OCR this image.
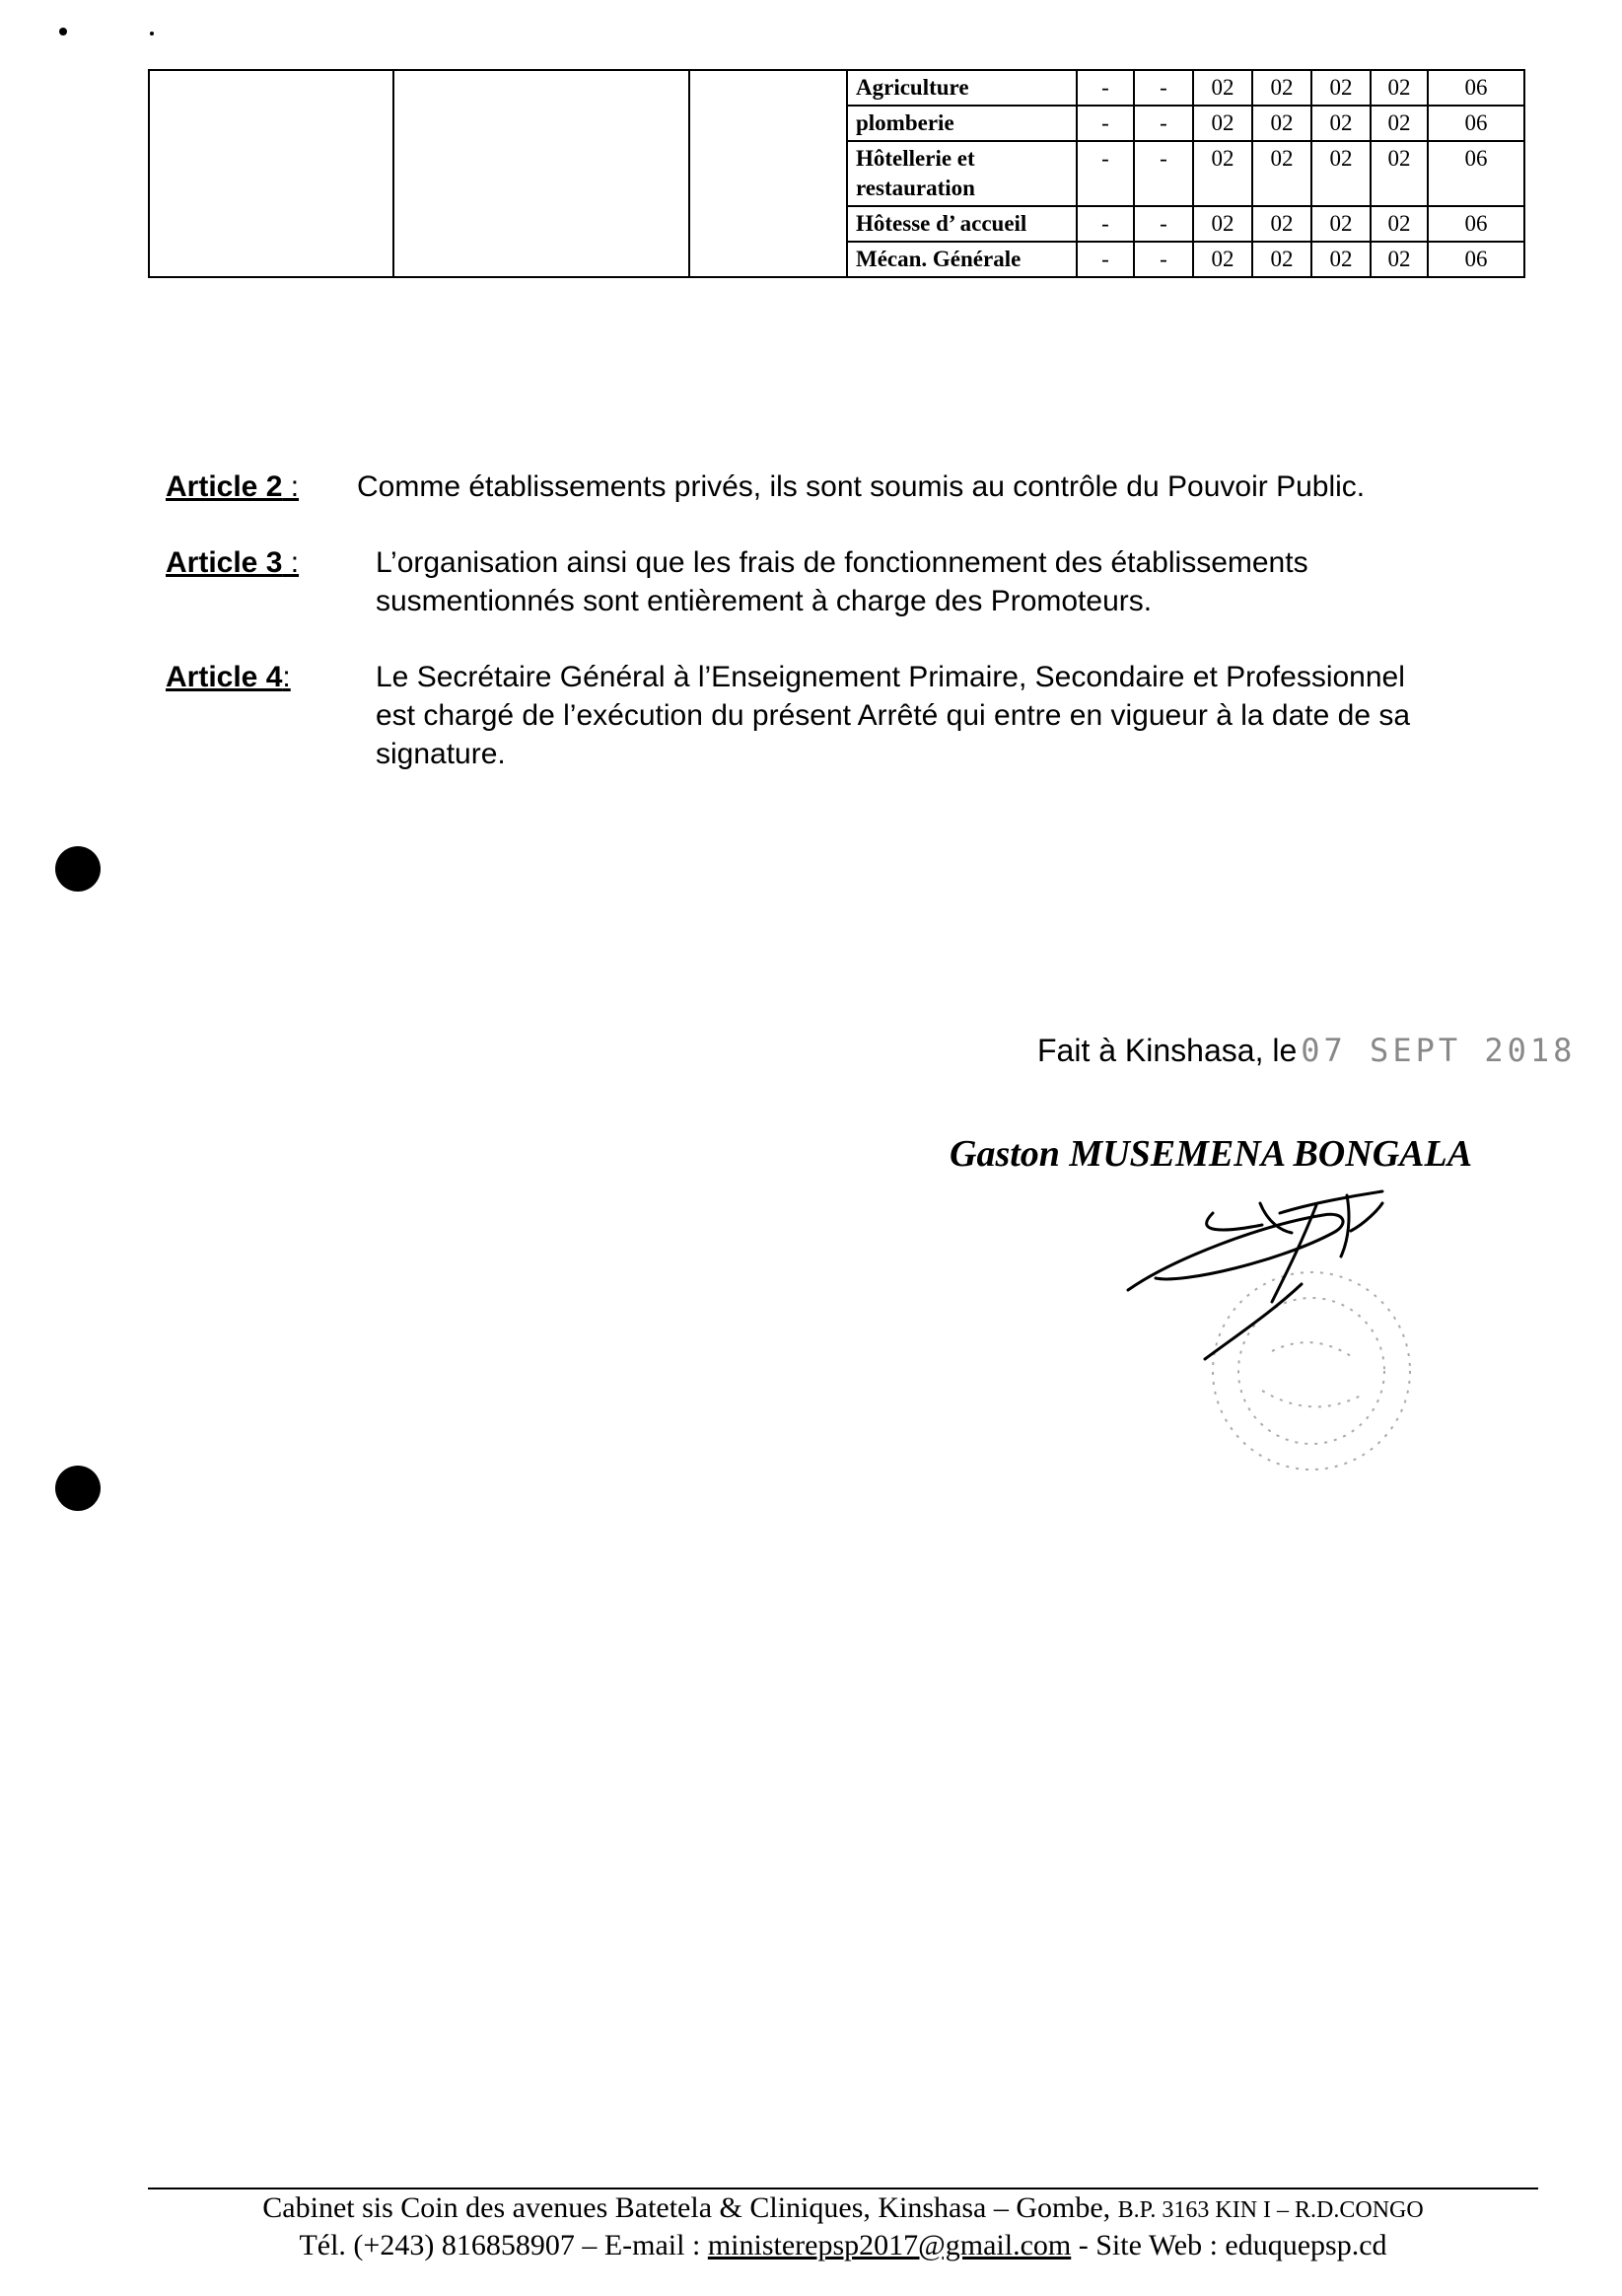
			Agriculture	-	-	02	02	02	02	06
			plomberie	-	-	02	02	02	02	06
			Hôtellerie et restauration	-	-	02	02	02	02	06
			Hôtesse d’ accueil	-	-	02	02	02	02	06
			Mécan. Générale	-	-	02	02	02	02	06
Article 2 : Comme établissements privés, ils sont soumis au contrôle du Pouvoir Public.
Article 3 :	L’organisation ainsi que les frais de fonctionnement des établissements
susmentionnés sont entièrement à charge des Promoteurs.
Article 4:	Le Secrétaire Général à l’Enseignement Primaire, Secondaire et Professionnel
est chargé de l’exécution du présent Arrêté qui entre en vigueur à la date de sa
signature.
Fait à Kinshasa, le 07 SEPT 2018
Gaston MUSEMENA BONGALA
Cabinet sis Coin des avenues Batetela & Cliniques, Kinshasa – Gombe, B.P. 3163 KIN I – R.D.CONGO
Tél. (+243) 816858907 – E-mail : ministerepsp2017@gmail.com - Site Web : eduquepsp.cd
